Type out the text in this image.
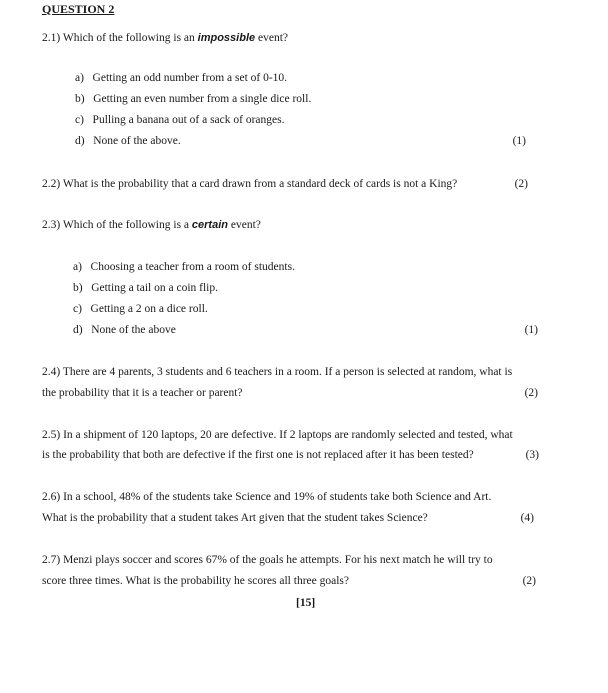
QUESTION 2
2.1) Which of the following is an impossible event?
a)   Getting an odd number from a set of 0-10.
b)   Getting an even number from a single dice roll.
c)   Pulling a banana out of a sack of oranges.
d)   None of the above.	(1)
2.2) What is the probability that a card drawn from a standard deck of cards is not a King?	(2)
2.3) Which of the following is a certain event?
a)   Choosing a teacher from a room of students.
b)   Getting a tail on a coin flip.
c)   Getting a 2 on a dice roll.
d)   None of the above	(1)
2.4) There are 4 parents, 3 students and 6 teachers in a room. If a person is selected at random, what is
the probability that it is a teacher or parent?	(2)
2.5) In a shipment of 120 laptops, 20 are defective. If 2 laptops are randomly selected and tested, what
is the probability that both are defective if the first one is not replaced after it has been tested?	(3)
2.6) In a school, 48% of the students take Science and 19% of students take both Science and Art.
What is the probability that a student takes Art given that the student takes Science?	(4)
2.7) Menzi plays soccer and scores 67% of the goals he attempts. For his next match he will try to
score three times. What is the probability he scores all three goals?	(2)
[15]
